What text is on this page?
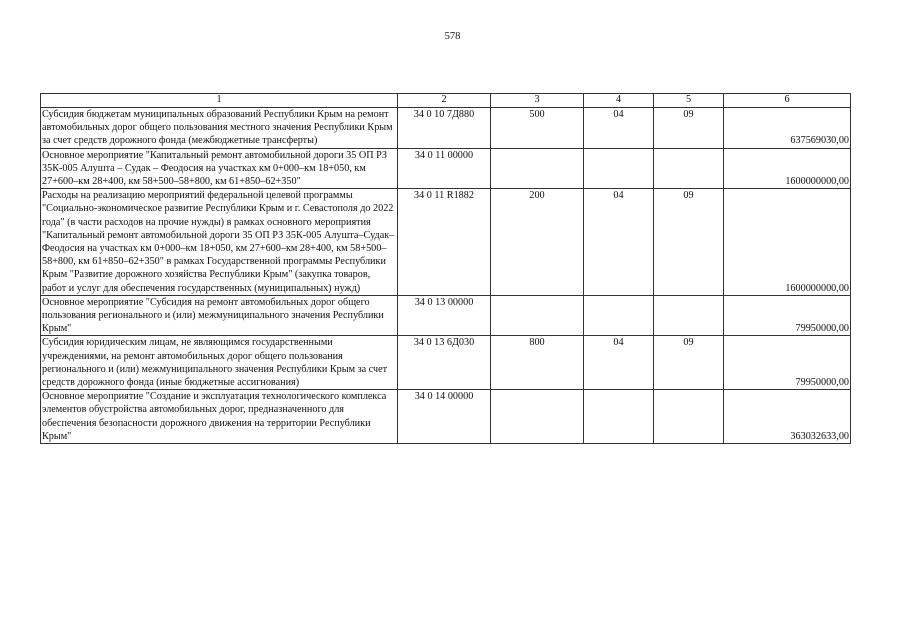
578
1	2	3	4	5	6
Субсидия бюджетам муниципальных образований Республики Крым на ремонт автомобильных дорог общего пользования местного значения Республики Крым за счет средств дорожного фонда (межбюджетные трансферты)	34 0 10 7Д880	500	04	09	637569030,00
Основное мероприятие "Капитальный ремонт автомобильной дороги 35 ОП РЗ 35К-005 Алушта – Судак – Феодосия на участках км 0+000–км 18+050, км 27+600–км 28+400, км 58+500–58+800, км 61+850–62+350"	34 0 11 00000				1600000000,00
Расходы на реализацию мероприятий федеральной целевой программы "Социально-экономическое развитие Республики Крым и г. Севастополя до 2022 года" (в части расходов на прочие нужды) в рамках основного мероприятия "Капитальный ремонт автомобильной дороги 35 ОП РЗ 35К-005 Алушта–Судак–Феодосия на участках км 0+000–км 18+050, км 27+600–км 28+400, км 58+500–58+800, км 61+850–62+350" в рамках Государственной программы Республики Крым "Развитие дорожного хозяйства Республики Крым" (закупка товаров, работ и услуг для обеспечения государственных (муниципальных) нужд)	34 0 11 R1882	200	04	09	1600000000,00
Основное мероприятие "Субсидия на ремонт автомобильных дорог общего пользования регионального и (или) межмуниципального значения Республики Крым"	34 0 13 00000				79950000,00
Субсидия юридическим лицам, не являющимся государственными учреждениями, на ремонт автомобильных дорог общего пользования регионального и (или) межмуниципального значения Республики Крым за счет средств дорожного фонда (иные бюджетные ассигнования)	34 0 13 6Д030	800	04	09	79950000,00
Основное мероприятие "Создание и эксплуатация технологического комплекса элементов обустройства автомобильных дорог, предназначенного для обеспечения безопасности дорожного движения на территории Республики Крым"	34 0 14 00000				363032633,00
